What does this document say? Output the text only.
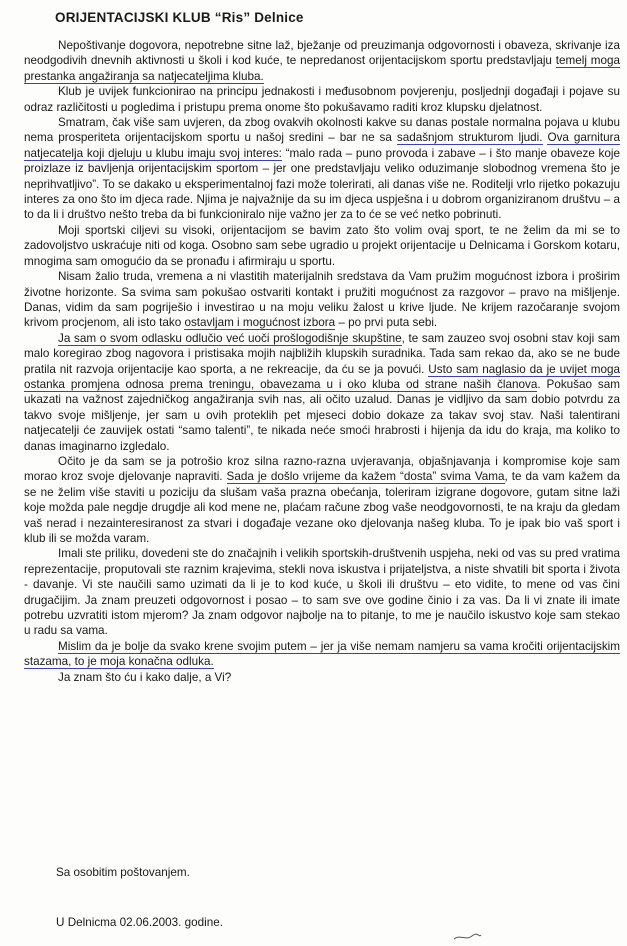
ORIJENTACIJSKI KLUB “Ris” Delnice

Nepoštivanje dogovora, nepotrebne sitne laž, bježanje od preuzimanja odgovornosti i obaveza, skrivanje iza neodgodivih dnevnih aktivnosti u školi i kod kuće, te nepredanost orijentacijskom sportu predstavljaju temelj moga prestanka angažiranja sa natjecateljima kluba.

Klub je uvijek funkcionirao na principu jednakosti i međusobnom povjerenju, posljednji događaji i pojave su odraz različitosti u pogledima i pristupu prema onome što pokušavamo raditi kroz klupsku djelatnost.

Smatram, čak više sam uvjeren, da zbog ovakvih okolnosti kakve su danas postale normalna pojava u klubu nema prosperiteta orijentacijskom sportu u našoj sredini – bar ne sa sadašnjom strukturom ljudi. Ova garnitura natjecatelja koji djeluju u klubu imaju svoj interes: “malo rada – puno provoda i zabave – i što manje obaveze koje proizlaze iz bavljenja orijentacijskim sportom – jer one predstavljaju veliko oduzimanje slobodnog vremena što je neprihvatljivo”. To se dakako u eksperimentalnoj fazi može tolerirati, ali danas više ne. Roditelji vrlo rijetko pokazuju interes za ono što im djeca rade. Njima je najvažnije da su im djeca uspješna i u dobrom organiziranom društvu – a to da li i društvo nešto treba da bi funkcioniralo nije važno jer za to će se već netko pobrinuti.

Moji sportski ciljevi su visoki, orijentacijom se bavim zato što volim ovaj sport, te ne želim da mi se to zadovoljstvo uskraćuje niti od koga. Osobno sam sebe ugradio u projekt orijentacije u Delnicama i Gorskom kotaru, mnogima sam omogućio da se pronađu i afirmiraju u sportu.

Nisam žalio truda, vremena a ni vlastitih materijalnih sredstava da Vam pružim mogućnost izbora i proširim životne horizonte. Sa svima sam pokušao ostvariti kontakt i pružiti mogućnost za razgovor – pravo na mišljenje. Danas, vidim da sam pogriješio i investirao u na moju veliku žalost u krive ljude. Ne krijem razočaranje svojom krivom procjenom, ali isto tako ostavljam i mogućnost izbora – po prvi puta sebi.

Ja sam o svom odlasku odlučio već uoči prošlogodišnje skupštine, te sam zauzeo svoj osobni stav koji sam malo koregirao zbog nagovora i pristisaka mojih najbližih klupskih suradnika. Tada sam rekao da, ako se ne bude pratila nit razvoja orijentacije kao sporta, a ne rekreacije, da ću se ja povući. Usto sam naglasio da je uvijet moga ostanka promjena odnosa prema treningu, obavezama u i oko kluba od strane naših članova. Pokušao sam ukazati na važnost zajedničkog angažiranja svih nas, ali očito uzalud. Danas je vidljivo da sam dobio potvrdu za takvo svoje mišljenje, jer sam u ovih proteklih pet mjeseci dobio dokaze za takav svoj stav. Naši talentirani natjecatelji će zauvijek ostati “samo talenti”, te nikada neće smoći hrabrosti i hijenja da idu do kraja, ma koliko to danas imaginarno izgledalo.

Očito je da sam se ja potrošio kroz silna razno-razna uvjeravanja, objašnjavanja i kompromise koje sam morao kroz svoje djelovanje napraviti. Sada je došlo vrijeme da kažem “dosta” svima Vama, te da vam kažem da se ne želim više staviti u poziciju da slušam vaša prazna obećanja, toleriram izigrane dogovore, gutam sitne laži koje možda pale negdje drugdje ali kod mene ne, plaćam račune zbog vaše neodgovornosti, te na kraju da gledam vaš nerad i nezainteresiranost za stvari i događaje vezane oko djelovanja našeg kluba. To je ipak bio vaš sport i klub ili se možda varam.

Imali ste priliku, dovedeni ste do značajnih i velikih sportskih-društvenih uspjeha, neki od vas su pred vratima reprezentacije, proputovali ste raznim krajevima, stekli nova iskustva i prijateljstva, a niste shvatili bit sporta i života - davanje. Vi ste naučili samo uzimati da li je to kod kuće, u školi ili društvu – eto vidite, to mene od vas čini drugačijim. Ja znam preuzeti odgovornost i posao – to sam sve ove godine činio i za vas. Da li vi znate ili imate potrebu uzvratiti istom mjerom? Ja znam odgovor najbolje na to pitanje, to me je naučilo iskustvo koje sam stekao u radu sa vama.

Mislim da je bolje da svako krene svojim putem – jer ja više nemam namjeru sa vama kročiti orijentacijskim stazama, to je moja konačna odluka.

Ja znam što ću i kako dalje, a Vi?

Sa osobitim poštovanjem.
U Delnicma 02.06.2003. godine.
